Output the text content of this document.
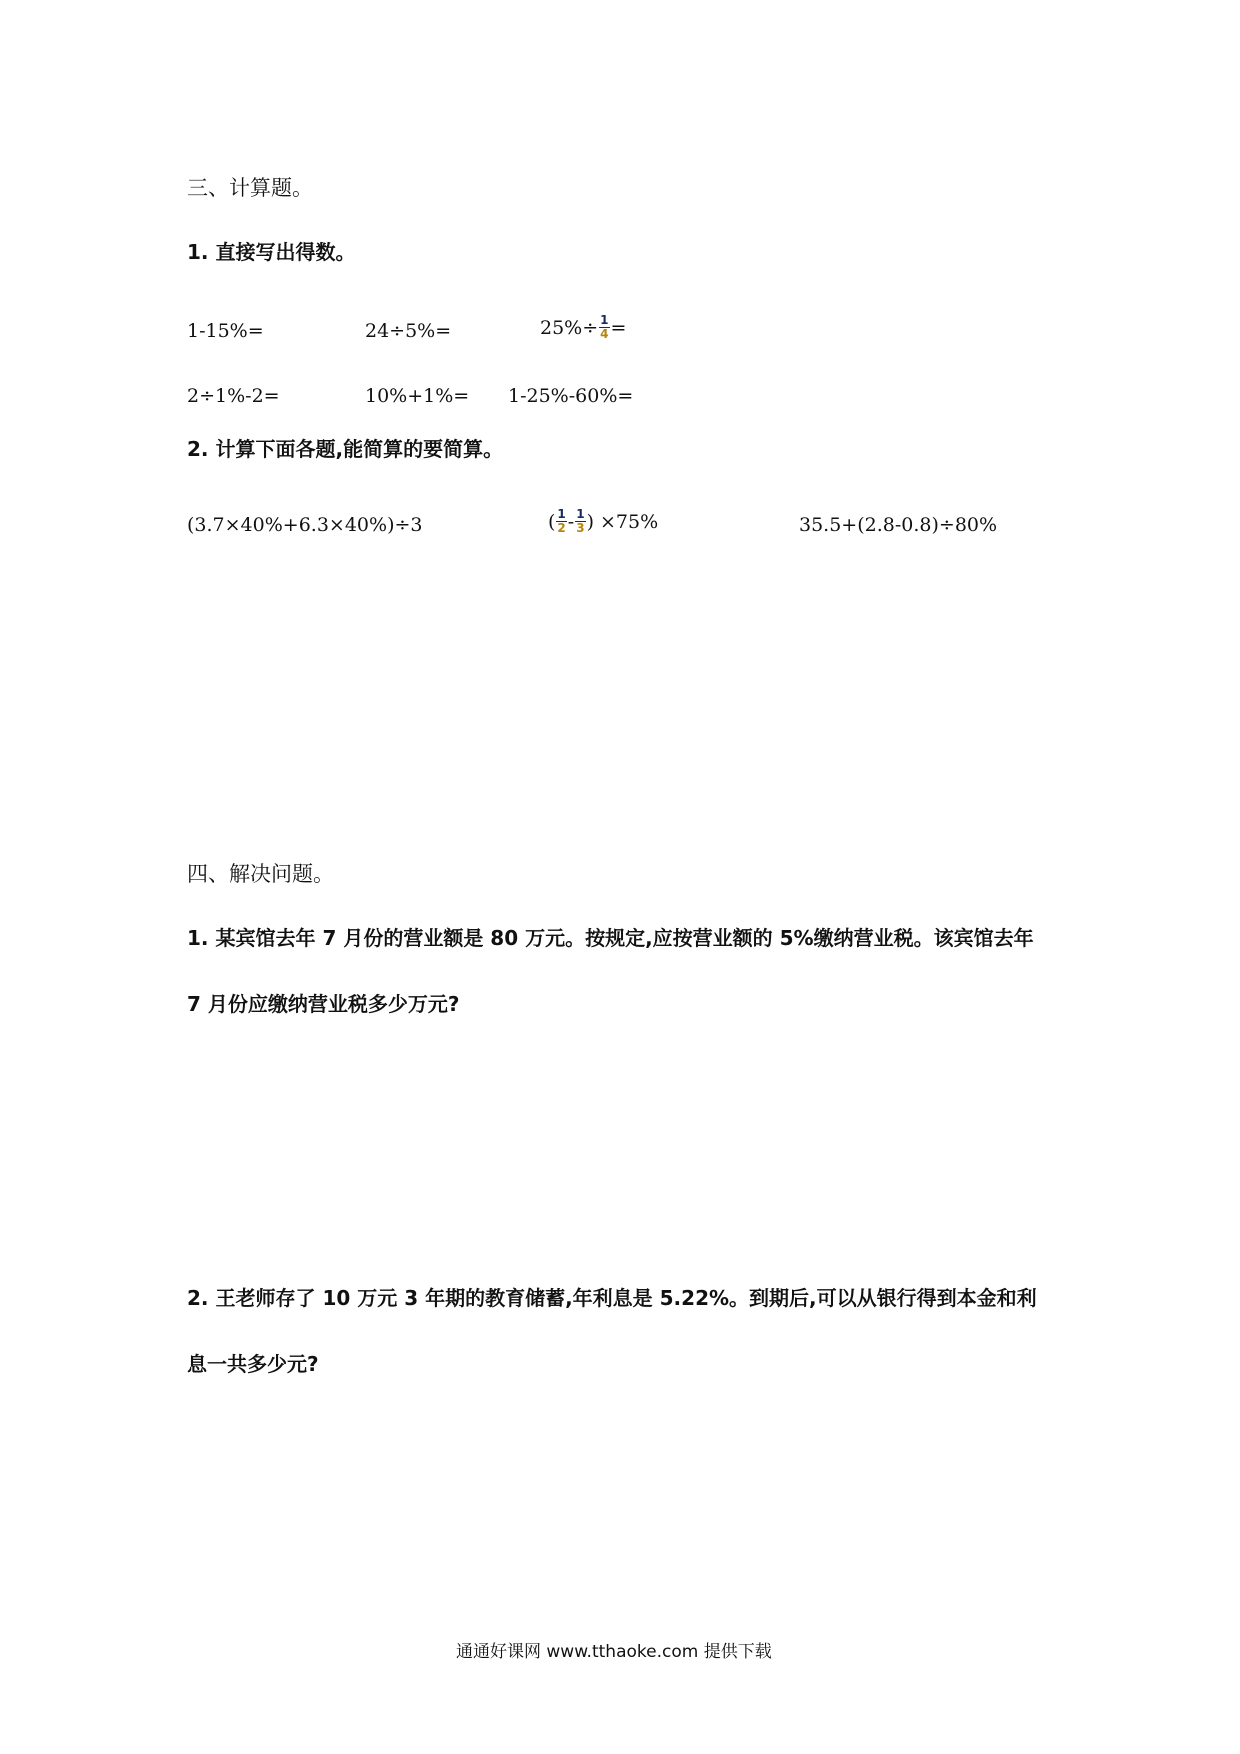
三、计算题。
1. 直接写出得数。
1-15%=	24÷5%=	$25\%\div \frac{1}{4}$ =
2÷1%-2=	10%+1%= 1-25%-60%=
2. 计算下面各题,能简算的要简算。
(3.7×40%+6.3×40%)÷3	( $\frac{1}{2} - \frac{1}{3}$ ) ×75%	35.5+(2.8-0.8)÷80%
四、解决问题。
1. 某宾馆去年 7 月份的营业额是 80 万元。按规定,应按营业额的 5%缴纳营业税。该宾馆去年
7 月份应缴纳营业税多少万元?
2. 王老师存了 10 万元 3 年期的教育储蓄,年利息是 5.22%。到期后,可以从银行得到本金和利
息一共多少元?
通通好课网 www.tthaoke.com 提供下载
